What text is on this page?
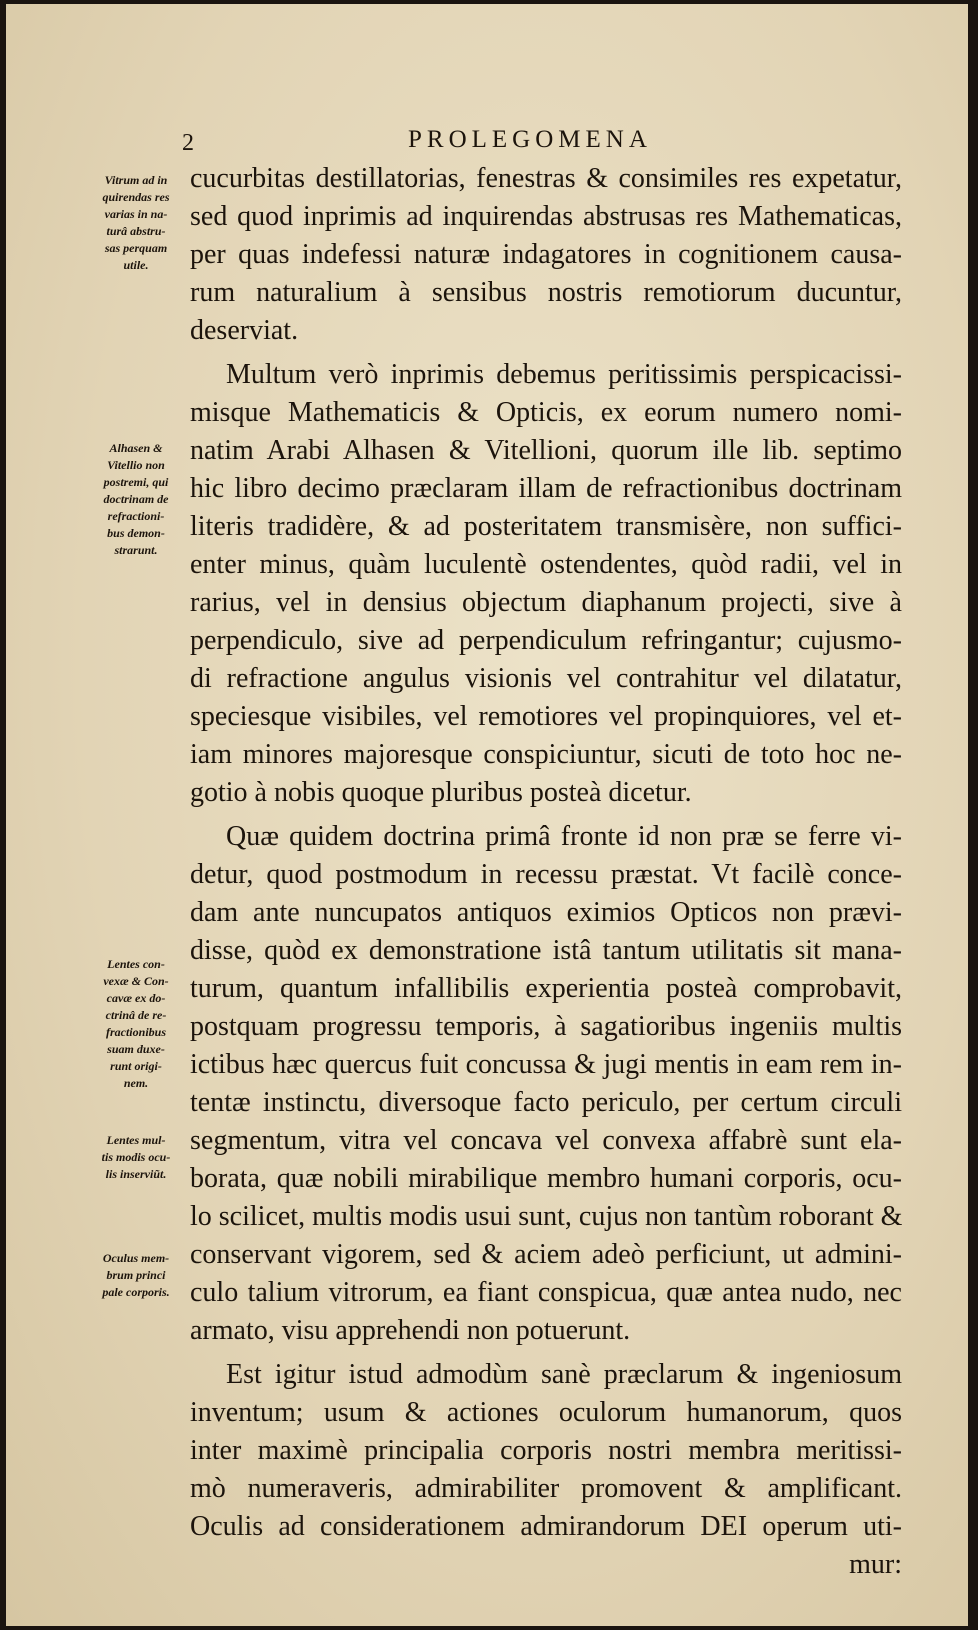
2	PROLEGOMENA
Vitrum ad in
quirendas res
varias in na-
turâ abstru-
sas perquam
utile.
Alhasen &
Vitellio non
postremi, qui
doctrinam de
refractioni-
bus demon-
strarunt.
Lentes con-
vexæ & Con-
cavæ ex do-
ctrinâ de re-
fractionibus
suam duxe-
runt origi-
nem.
Lentes mul-
tis modis ocu-
lis inserviũt.
Oculus mem-
brum princi
pale corporis.
cucurbitas destillatorias, fenestras & consimiles res expetatur,
sed quod inprimis ad inquirendas abstrusas res Mathematicas,
per quas indefessi naturæ indagatores in cognitionem causa-
rum naturalium à sensibus nostris remotiorum ducuntur,
deserviat.
Multum verò inprimis debemus peritissimis perspicacissi-
misque Mathematicis & Opticis, ex eorum numero nomi-
natim Arabi Alhasen & Vitellioni, quorum ille lib. septimo
hic libro decimo præclaram illam de refractionibus doctrinam
literis tradidère, & ad posteritatem transmisère, non suffici-
enter minus, quàm luculentè ostendentes, quòd radii, vel in
rarius, vel in densius objectum diaphanum projecti, sive à
perpendiculo, sive ad perpendiculum refringantur; cujusmo-
di refractione angulus visionis vel contrahitur vel dilatatur,
speciesque visibiles, vel remotiores vel propinquiores, vel et-
iam minores majoresque conspiciuntur, sicuti de toto hoc ne-
gotio à nobis quoque pluribus posteà dicetur.
Quæ quidem doctrina primâ fronte id non præ se ferre vi-
detur, quod postmodum in recessu præstat. Vt facilè conce-
dam ante nuncupatos antiquos eximios Opticos non prævi-
disse, quòd ex demonstratione istâ tantum utilitatis sit mana-
turum, quantum infallibilis experientia posteà comprobavit,
postquam progressu temporis, à sagatioribus ingeniis multis
ictibus hæc quercus fuit concussa & jugi mentis in eam rem in-
tentæ instinctu, diversoque facto periculo, per certum circuli
segmentum, vitra vel concava vel convexa affabrè sunt ela-
borata, quæ nobili mirabilique membro humani corporis, ocu-
lo scilicet, multis modis usui sunt, cujus non tantùm roborant &
conservant vigorem, sed & aciem adeò perficiunt, ut admini-
culo talium vitrorum, ea fiant conspicua, quæ antea nudo, nec
armato, visu apprehendi non potuerunt.
Est igitur istud admodùm sanè præclarum & ingeniosum
inventum; usum & actiones oculorum humanorum, quos
inter maximè principalia corporis nostri membra meritissi-
mò numeraveris, admirabiliter promovent & amplificant.
Oculis ad considerationem admirandorum DEI operum uti-
mur:
